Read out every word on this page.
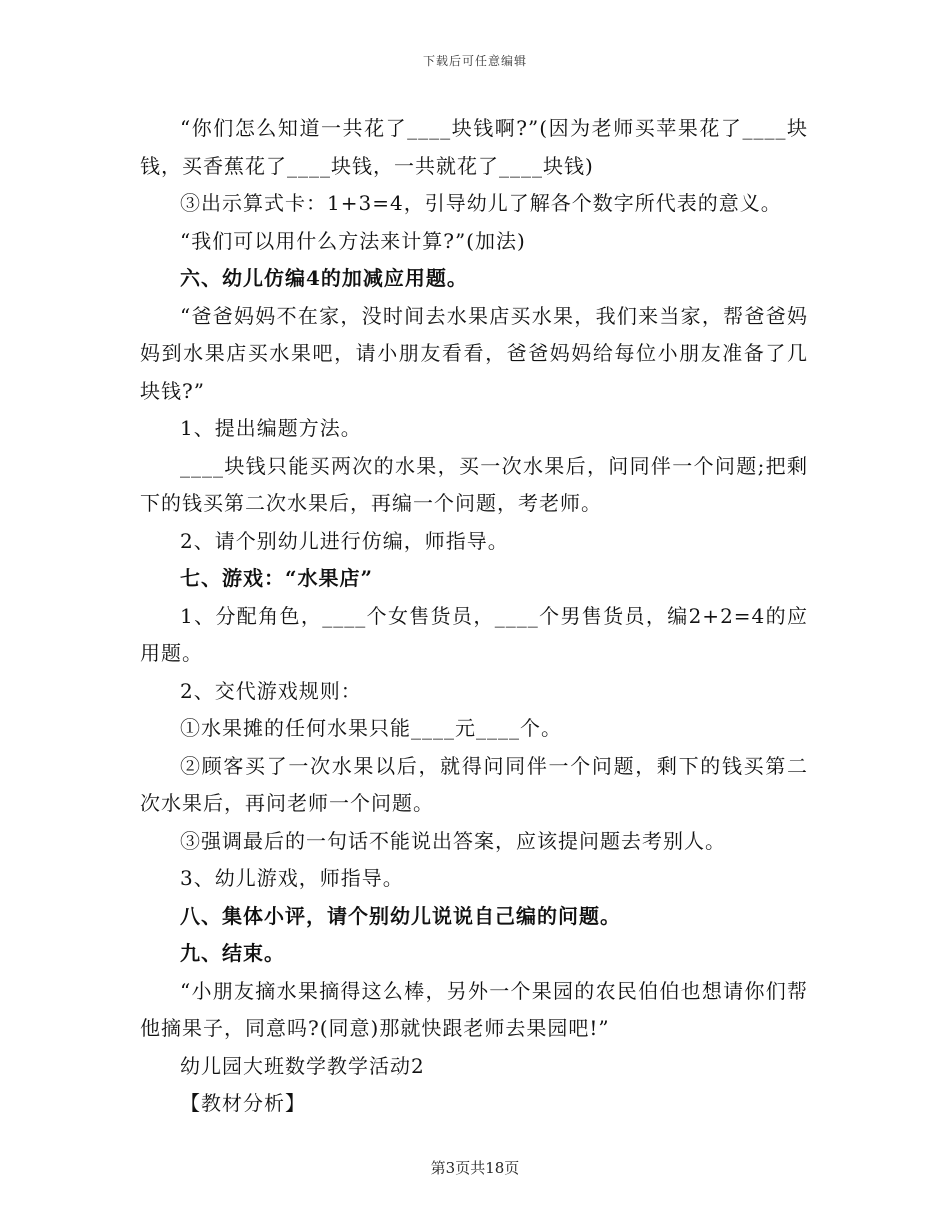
下载后可任意编辑

“你们怎么知道一共花了____块钱啊?”(因为老师买苹果花了____块钱，买香蕉花了____块钱，一共就花了____块钱)

③出示算式卡：1+3=4，引导幼儿了解各个数字所代表的意义。

“我们可以用什么方法来计算?”(加法)

六、幼儿仿编4的加减应用题。

“爸爸妈妈不在家，没时间去水果店买水果，我们来当家，帮爸爸妈妈到水果店买水果吧，请小朋友看看，爸爸妈妈给每位小朋友准备了几块钱?”

1、提出编题方法。

____块钱只能买两次的水果，买一次水果后，问同伴一个问题;把剩下的钱买第二次水果后，再编一个问题，考老师。

2、请个别幼儿进行仿编，师指导。

七、游戏：“水果店”

1、分配角色，____个女售货员，____个男售货员，编2+2=4的应用题。

2、交代游戏规则：

①水果摊的任何水果只能____元____个。

②顾客买了一次水果以后，就得问同伴一个问题，剩下的钱买第二次水果后，再问老师一个问题。

③强调最后的一句话不能说出答案，应该提问题去考别人。

3、幼儿游戏，师指导。

八、集体小评，请个别幼儿说说自己编的问题。

九、结束。

“小朋友摘水果摘得这么棒，另外一个果园的农民伯伯也想请你们帮他摘果子，同意吗?(同意)那就快跟老师去果园吧!”

幼儿园大班数学教学活动2

【教材分析】

第3页共18页
